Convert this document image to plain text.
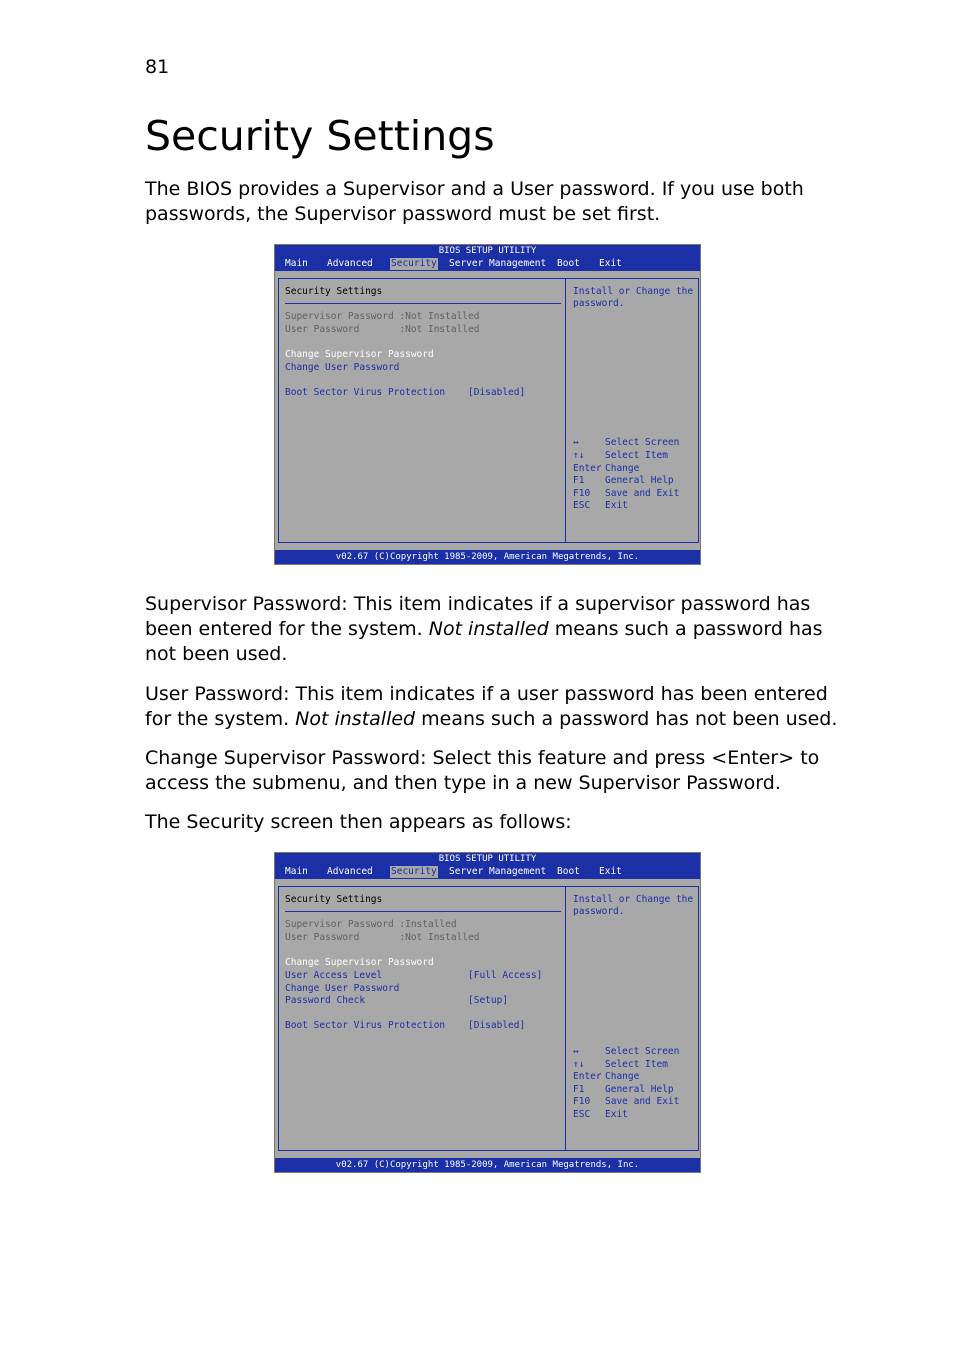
81
Security Settings

The BIOS provides a Supervisor and a User password. If you use both passwords, the Supervisor password must be set first.

BIOS SETUP UTILITY
Main Advanced Security Server Management Boot Exit
Security Settings
Supervisor Password :Not Installed
User Password       :Not Installed
Change Supervisor Password
Change User Password
Boot Sector Virus Protection    [Disabled]
Install or Change the
password.
↔	Select Screen
↑↓ Select Item
Enter Change
F1 General Help
F10 Save and Exit
ESC Exit
v02.67 (C)Copyright 1985-2009, American Megatrends, Inc.

Supervisor Password: This item indicates if a supervisor password has been entered for the system. Not installed means such a password has not been used.

User Password: This item indicates if a user password has been entered for the system. Not installed means such a password has not been used.

Change Supervisor Password: Select this feature and press <Enter> to access the submenu, and then type in a new Supervisor Password.

The Security screen then appears as follows:

BIOS SETUP UTILITY
Main Advanced Security Server Management Boot Exit
Security Settings
Supervisor Password :Installed
User Password       :Not Installed
Change Supervisor Password
User Access Level               [Full Access]
Change User Password
Password Check                  [Setup]
Boot Sector Virus Protection    [Disabled]
Install or Change the
password.
↔	Select Screen
↑↓ Select Item
Enter Change
F1 General Help
F10 Save and Exit
ESC Exit
v02.67 (C)Copyright 1985-2009, American Megatrends, Inc.
